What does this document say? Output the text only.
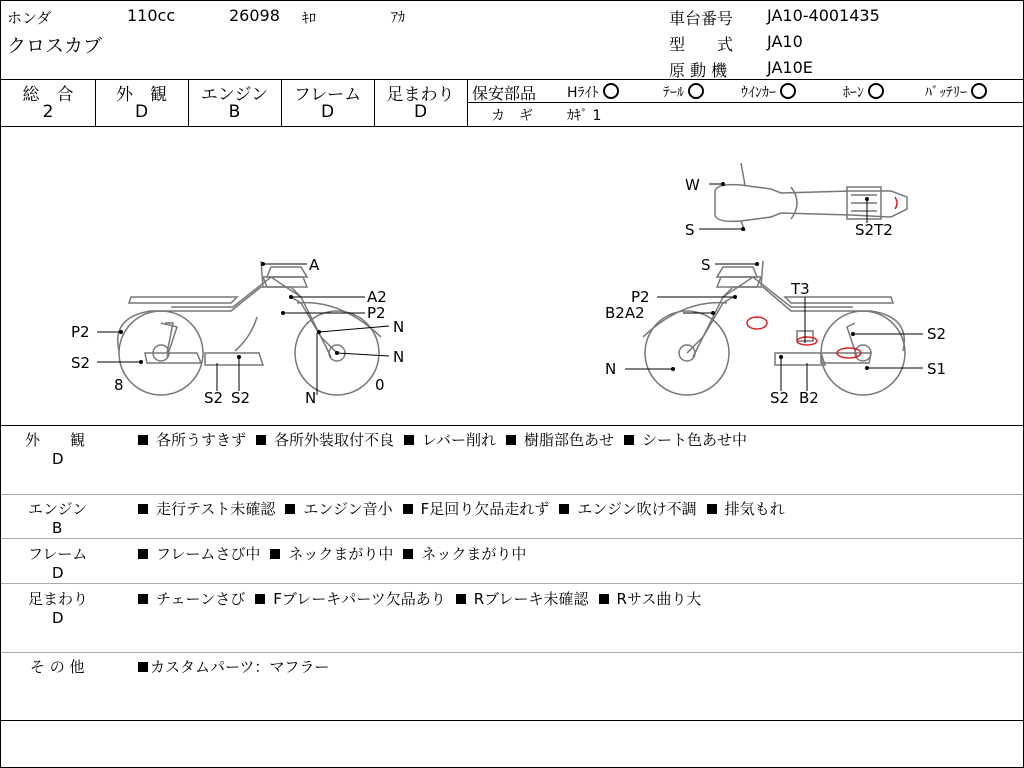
ホンダ	110cc	26098 ｷﾛ	ｱｶ
クロスカブ
車台番号 JA10-4001435
型　　式 JA10
原 動 機 JA10E
総　合
2
外　観
D
エンジン
B
フレーム
D
足まわり
D
保安部品 Hﾗｲﾄ	ﾃｰﾙ	ｳｲﾝｶｰ	ﾎｰﾝ	ﾊﾞｯﾃﾘｰ
カ　ギ ｶｷﾞ 1
A
A2
P2
N
N
0
N
S2
S2
8
S2
P2
W
S	S2T2
S
P2
B2A2
T3
S2
S1
N
S2 B2
外　　観
D
各所うすきず 各所外装取付不良 レバー削れ 樹脂部色あせ シート色あせ中
エンジン
B
走行テスト未確認 エンジン音小 F足回り欠品走れず エンジン吹け不調 排気もれ
フレーム
D
フレームさび中 ネックまがり中 ネックまがり中
足まわり
D
チェーンさび Fブレーキパーツ欠品あり Rブレーキ未確認 Rサス曲り大
そ の 他	カスタムパーツ：マフラー
